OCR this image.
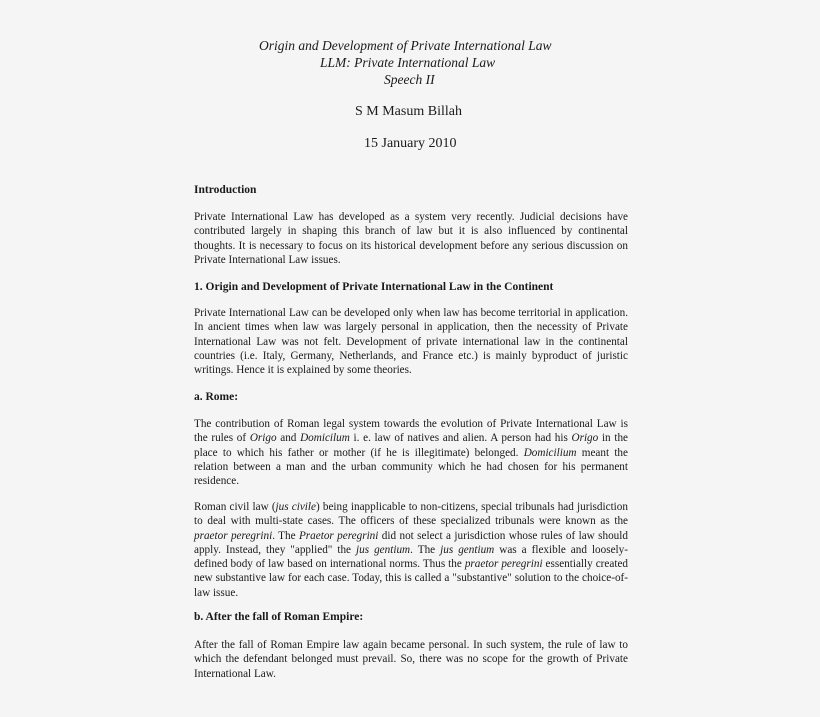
Origin and Development of Private International Law
LLM: Private International Law
Speech II
S M Masum Billah
15 January 2010
Introduction
Private International Law has developed as a system very recently. Judicial decisions have contributed largely in shaping this branch of law but it is also influenced by continental thoughts. It is necessary to focus on its historical development before any serious discussion on Private International Law issues.
1. Origin and Development of Private International Law in the Continent
Private International Law can be developed only when law has become territorial in application. In ancient times when law was largely personal in application, then the necessity of Private International Law was not felt. Development of private international law in the continental countries (i.e. Italy, Germany, Netherlands, and France etc.) is mainly byproduct of juristic writings. Hence it is explained by some theories.
a. Rome:
The contribution of Roman legal system towards the evolution of Private International Law is the rules of Origo and Domicilum i. e. law of natives and alien. A person had his Origo in the place to which his father or mother (if he is illegitimate) belonged. Domicilium meant the relation between a man and the urban community which he had chosen for his permanent residence.
Roman civil law (jus civile) being inapplicable to non-citizens, special tribunals had jurisdiction to deal with multi-state cases. The officers of these specialized tribunals were known as the praetor peregrini. The Praetor peregrini did not select a jurisdiction whose rules of law should apply. Instead, they "applied" the jus gentium. The jus gentium was a flexible and loosely-defined body of law based on international norms. Thus the praetor peregrini essentially created new substantive law for each case. Today, this is called a "substantive" solution to the choice-of-law issue.
b. After the fall of Roman Empire:
After the fall of Roman Empire law again became personal. In such system, the rule of law to which the defendant belonged must prevail. So, there was no scope for the growth of Private International Law.
